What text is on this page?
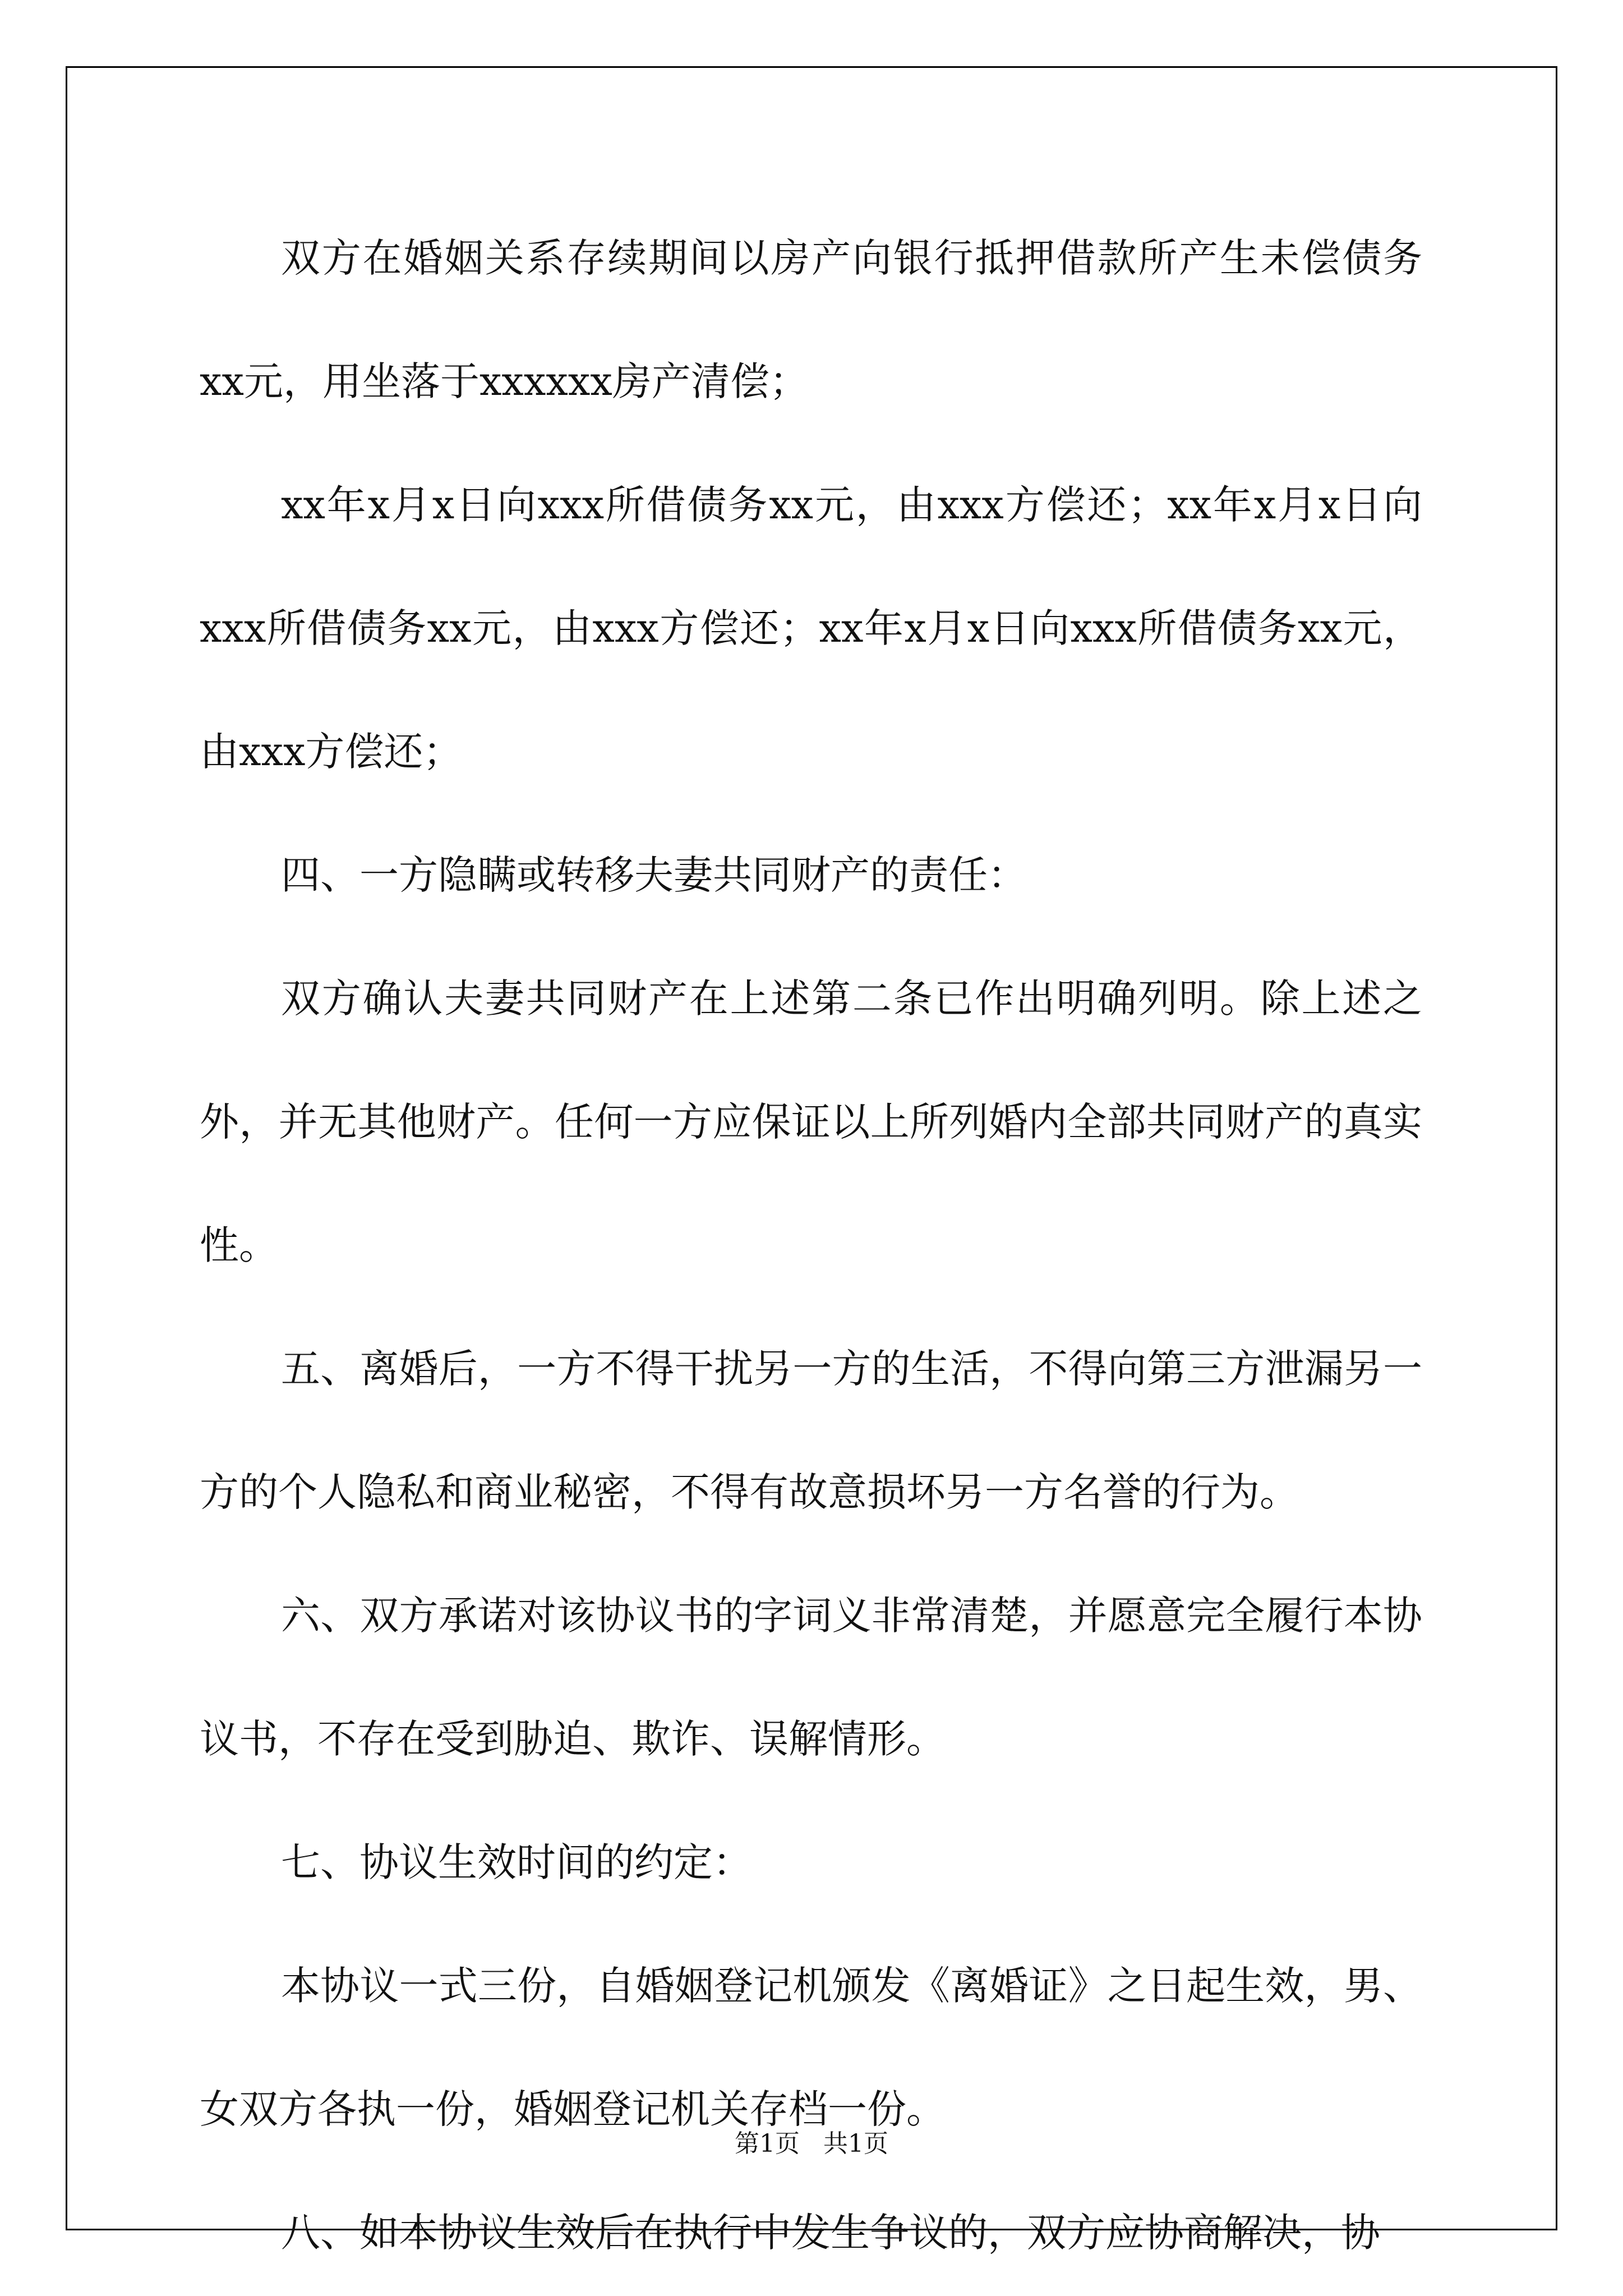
双方在婚姻关系存续期间以房产向银行抵押借款所产生未偿债务xx元，用坐落于xxxxxx房产清偿；

xx年x月x日向xxx所借债务xx元，由xxx方偿还；xx年x月x日向xxx所借债务xx元，由xxx方偿还；xx年x月x日向xxx所借债务xx元，由xxx方偿还；

四、一方隐瞒或转移夫妻共同财产的责任：

双方确认夫妻共同财产在上述第二条已作出明确列明。除上述之外，并无其他财产。任何一方应保证以上所列婚内全部共同财产的真实性。

五、离婚后，一方不得干扰另一方的生活，不得向第三方泄漏另一方的个人隐私和商业秘密，不得有故意损坏另一方名誉的行为。

六、双方承诺对该协议书的字词义非常清楚，并愿意完全履行本协议书，不存在受到胁迫、欺诈、误解情形。

七、协议生效时间的约定：

本协议一式三份，自婚姻登记机颁发《离婚证》之日起生效，男、女双方各执一份，婚姻登记机关存档一份。

八、如本协议生效后在执行中发生争议的，双方应协商解决，协

第1页 共1页
